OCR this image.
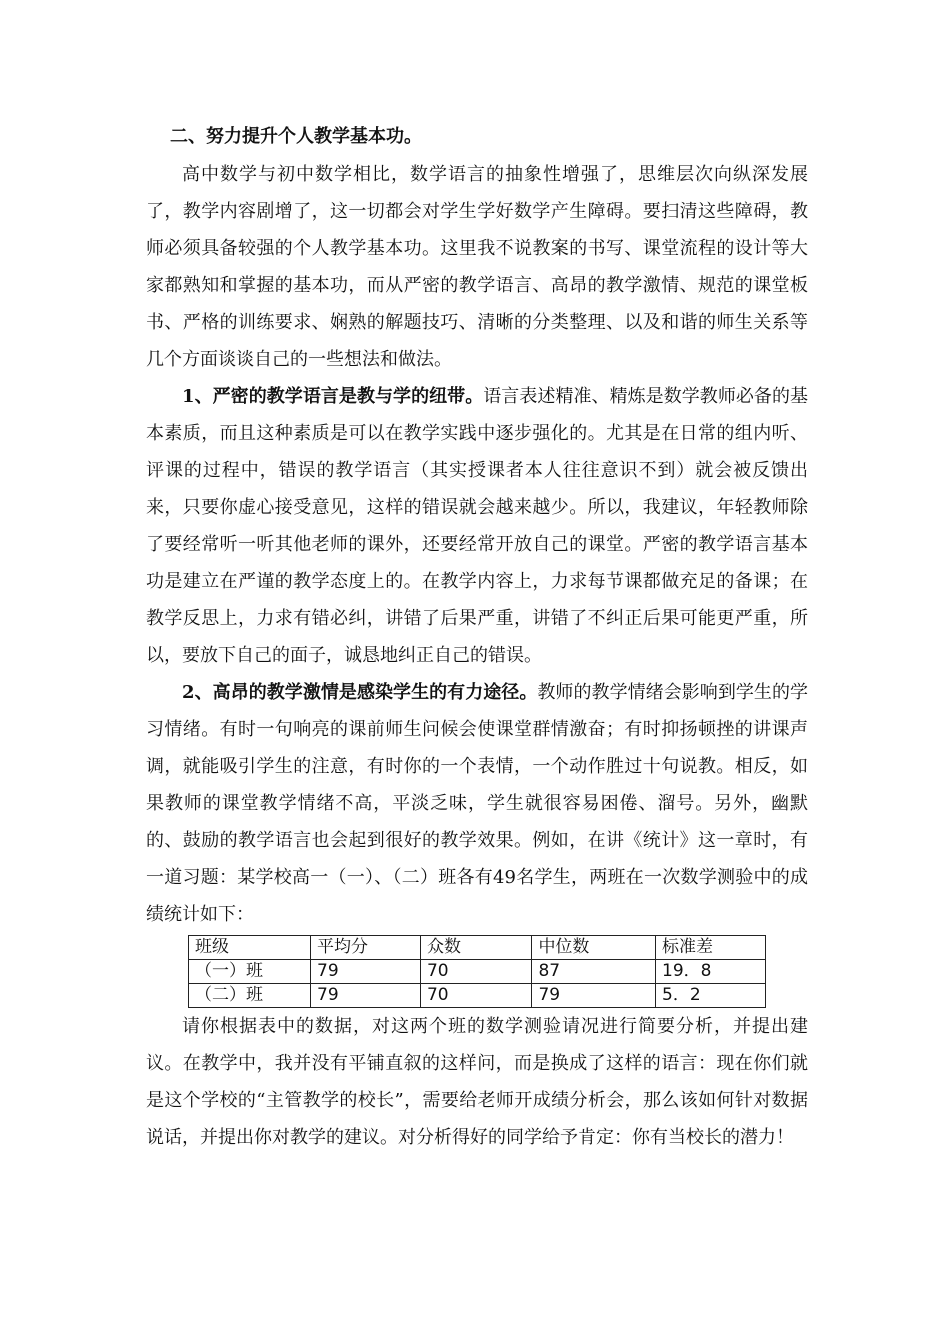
二、努力提升个人教学基本功。

高中数学与初中数学相比，数学语言的抽象性增强了，思维层次向纵深发展了，教学内容剧增了，这一切都会对学生学好数学产生障碍。要扫清这些障碍，教师必须具备较强的个人教学基本功。这里我不说教案的书写、课堂流程的设计等大家都熟知和掌握的基本功，而从严密的教学语言、高昂的教学激情、规范的课堂板书、严格的训练要求、娴熟的解题技巧、清晰的分类整理、以及和谐的师生关系等几个方面谈谈自己的一些想法和做法。

1、严密的教学语言是教与学的纽带。语言表述精准、精炼是数学教师必备的基本素质，而且这种素质是可以在教学实践中逐步强化的。尤其是在日常的组内听、评课的过程中，错误的教学语言（其实授课者本人往往意识不到）就会被反馈出来，只要你虚心接受意见，这样的错误就会越来越少。所以，我建议，年轻教师除了要经常听一听其他老师的课外，还要经常开放自己的课堂。严密的教学语言基本功是建立在严谨的教学态度上的。在教学内容上，力求每节课都做充足的备课；在教学反思上，力求有错必纠，讲错了后果严重，讲错了不纠正后果可能更严重，所以，要放下自己的面子，诚恳地纠正自己的错误。

2、高昂的教学激情是感染学生的有力途径。教师的教学情绪会影响到学生的学习情绪。有时一句响亮的课前师生问候会使课堂群情激奋；有时抑扬顿挫的讲课声调，就能吸引学生的注意，有时你的一个表情，一个动作胜过十句说教。相反，如果教师的课堂教学情绪不高，平淡乏味，学生就很容易困倦、溜号。另外，幽默的、鼓励的教学语言也会起到很好的教学效果。例如，在讲《统计》这一章时，有一道习题：某学校高一（一）、（二）班各有49名学生，两班在一次数学测验中的成绩统计如下：

班级	平均分	众数	中位数	标准差
（一）班	79	70	87	19．8
（二）班	79	70	79	5．2

请你根据表中的数据，对这两个班的数学测验请况进行简要分析，并提出建议。在教学中，我并没有平铺直叙的这样问，而是换成了这样的语言：现在你们就是这个学校的“主管教学的校长”，需要给老师开成绩分析会，那么该如何针对数据说话，并提出你对教学的建议。对分析得好的同学给予肯定：你有当校长的潜力！
